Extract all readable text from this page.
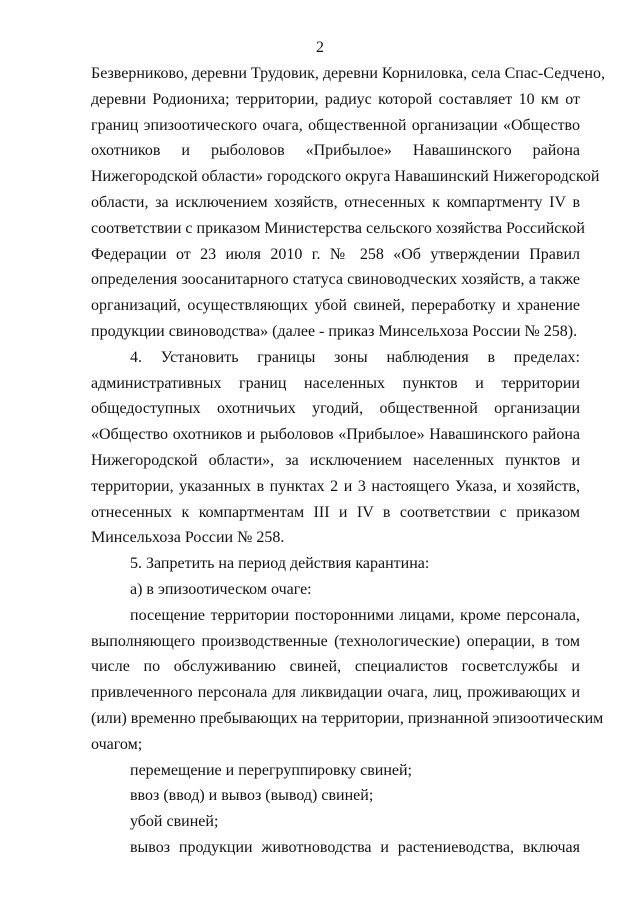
2
Безверниково, деревни Трудовик, деревни Корниловка, села Спас-Седчено,
деревни Родиониха; территории, радиус которой составляет 10 км от
границ эпизоотического очага, общественной организации «Общество
охотников и рыболовов «Прибылое» Навашинского района
Нижегородской области» городского округа Навашинский Нижегородской
области, за исключением хозяйств, отнесенных к компартменту IV в
соответствии с приказом Министерства сельского хозяйства Российской
Федерации от 23 июля 2010 г. № 258 «Об утверждении Правил
определения зоосанитарного статуса свиноводческих хозяйств, а также
организаций, осуществляющих убой свиней, переработку и хранение
продукции свиноводства» (далее - приказ Минсельхоза России № 258).
4. Установить границы зоны наблюдения в пределах:
административных границ населенных пунктов и территории
общедоступных охотничьих угодий, общественной организации
«Общество охотников и рыболовов «Прибылое» Навашинского района
Нижегородской области», за исключением населенных пунктов и
территории, указанных в пунктах 2 и 3 настоящего Указа, и хозяйств,
отнесенных к компартментам III и IV в соответствии с приказом
Минсельхоза России № 258.
5. Запретить на период действия карантина:
а) в эпизоотическом очаге:
посещение территории посторонними лицами, кроме персонала,
выполняющего производственные (технологические) операции, в том
числе по обслуживанию свиней, специалистов госветслужбы и
привлеченного персонала для ликвидации очага, лиц, проживающих и
(или) временно пребывающих на территории, признанной эпизоотическим
очагом;
перемещение и перегруппировку свиней;
ввоз (ввод) и вывоз (вывод) свиней;
убой свиней;
вывоз продукции животноводства и растениеводства, включая
